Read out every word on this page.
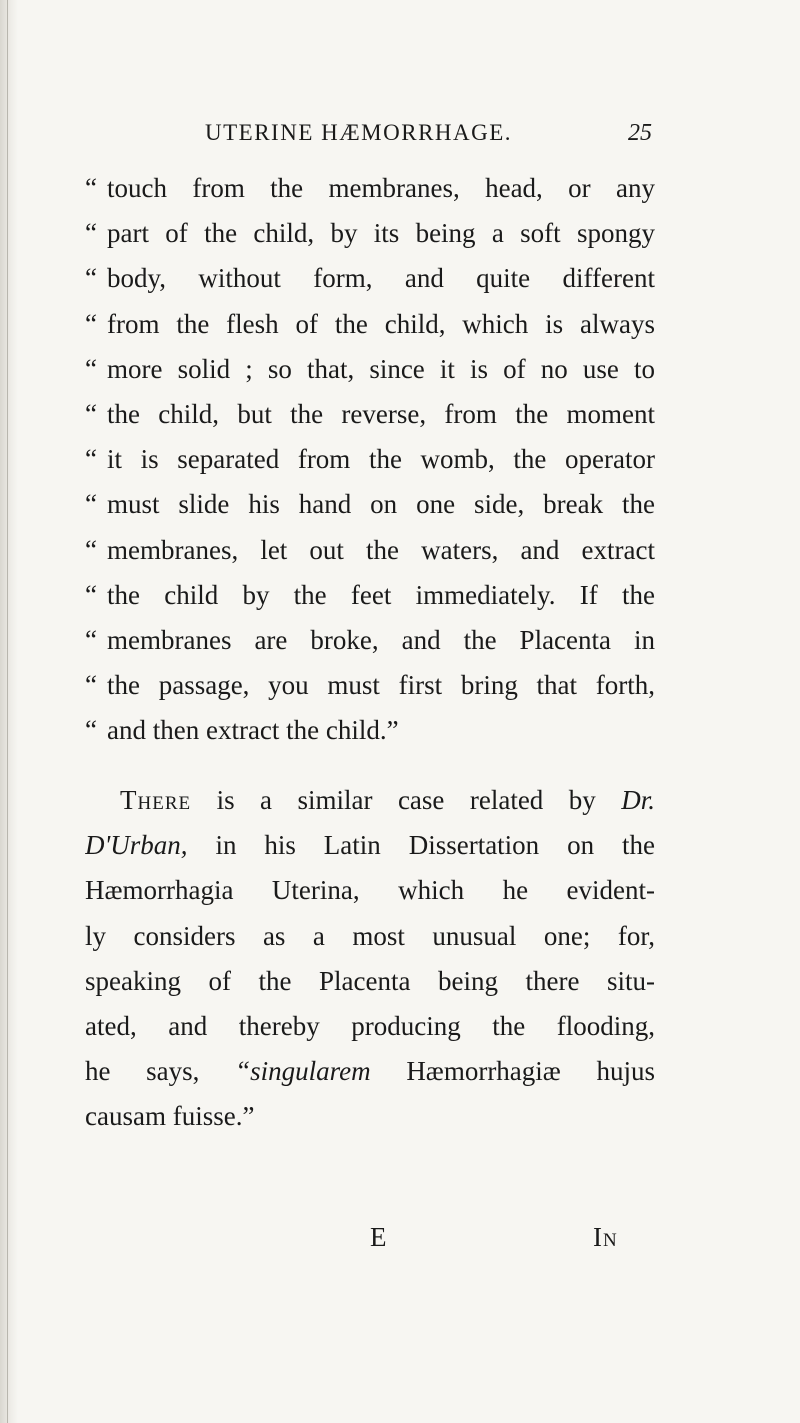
UTERINE HÆMORRHAGE.	25
“ touch from the membranes, head, or any
“ part of the child, by its being a soft spongy
“ body, without form, and quite different
“ from the flesh of the child, which is always
“ more solid ; so that, since it is of no use to
“ the child, but the reverse, from the moment
“ it is separated from the womb, the operator
“ must slide his hand on one side, break the
“ membranes, let out the waters, and extract
“ the child by the feet immediately. If the
“ membranes are broke, and the Placenta in
“ the passage, you must first bring that forth,
“ and then extract the child.”
There is a similar case related by Dr.
D'Urban, in his Latin Dissertation on the
Hæmorrhagia Uterina, which he evident-
ly considers as a most unusual one; for,
speaking of the Placenta being there situ-
ated, and thereby producing the flooding,
he says, “singularem Hæmorrhagiæ hujus
causam fuisse.”
E	In
